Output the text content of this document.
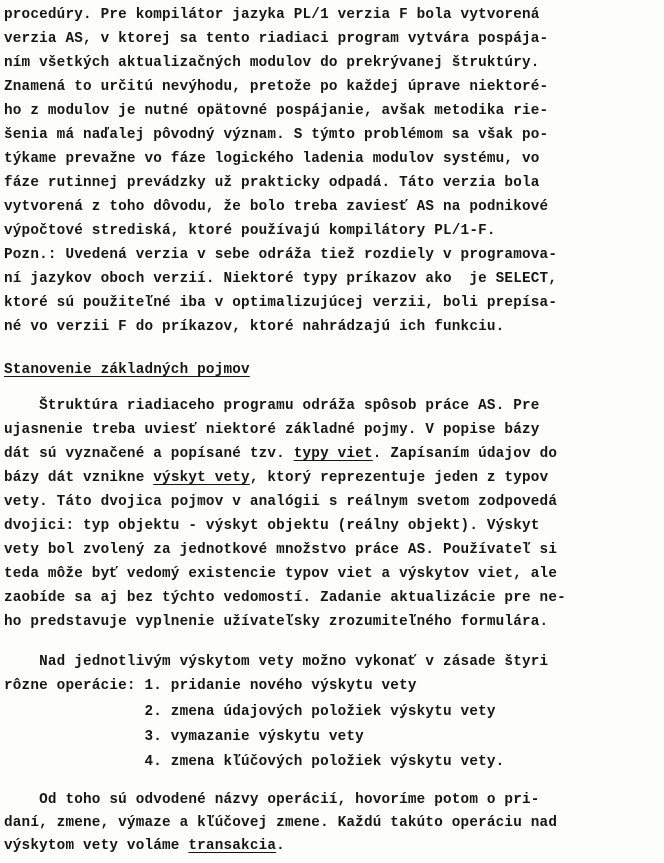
procedúry. Pre kompilátor jazyka PL/1 verzia F bola vytvorená
verzia AS, v ktorej sa tento riadiaci program vytvára pospája-
ním všetkých aktualizačných modulov do prekrývanej štruktúry.
Znamená to určitú nevýhodu, pretože po každej úprave niektoré-
ho z modulov je nutné opätovné pospájanie, avšak metodika rie-
šenia má naďalej pôvodný význam. S týmto problémom sa však po-
týkame prevažne vo fáze logického ladenia modulov systému, vo
fáze rutinnej prevádzky už prakticky odpadá. Táto verzia bola
vytvorená z toho dôvodu, že bolo treba zaviesť AS na podnikové
výpočtové strediská, ktoré používajú kompilátory PL/1-F.
Pozn.: Uvedená verzia v sebe odráža tiež rozdiely v programova-
ní jazykov oboch verzií. Niektoré typy príkazov ako  je SELECT,
ktoré sú použiteľné iba v optimalizujúcej verzii, boli prepísa-
né vo verzii F do príkazov, ktoré nahrádzajú ich funkciu.
Stanovenie základných pojmov
Štruktúra riadiaceho programu odráža spôsob práce AS. Pre
ujasnenie treba uviesť niektoré základné pojmy. V popise bázy
dát sú vyznačené a popísané tzv. typy viet. Zapísaním údajov do
bázy dát vznikne výskyt vety, ktorý reprezentuje jeden z typov
vety. Táto dvojica pojmov v analógii s reálnym svetom zodpovedá
dvojici: typ objektu - výskyt objektu (reálny objekt). Výskyt
vety bol zvolený za jednotkové množstvo práce AS. Používateľ si
teda môže byť vedomý existencie typov viet a výskytov viet, ale
zaobíde sa aj bez týchto vedomostí. Zadanie aktualizácie pre ne-
ho predstavuje vyplnenie užívateľsky zrozumiteľného formulára.
Nad jednotlivým výskytom vety možno vykonať v zásade štyri
rôzne operácie: 1. pridanie nového výskytu vety
2. zmena údajových položiek výskytu vety
3. vymazanie výskytu vety
4. zmena kľúčových položiek výskytu vety.
Od toho sú odvodené názvy operácií, hovoríme potom o pri-
daní, zmene, výmaze a kľúčovej zmene. Každú takúto operáciu nad
výskytom vety voláme transakcia.
